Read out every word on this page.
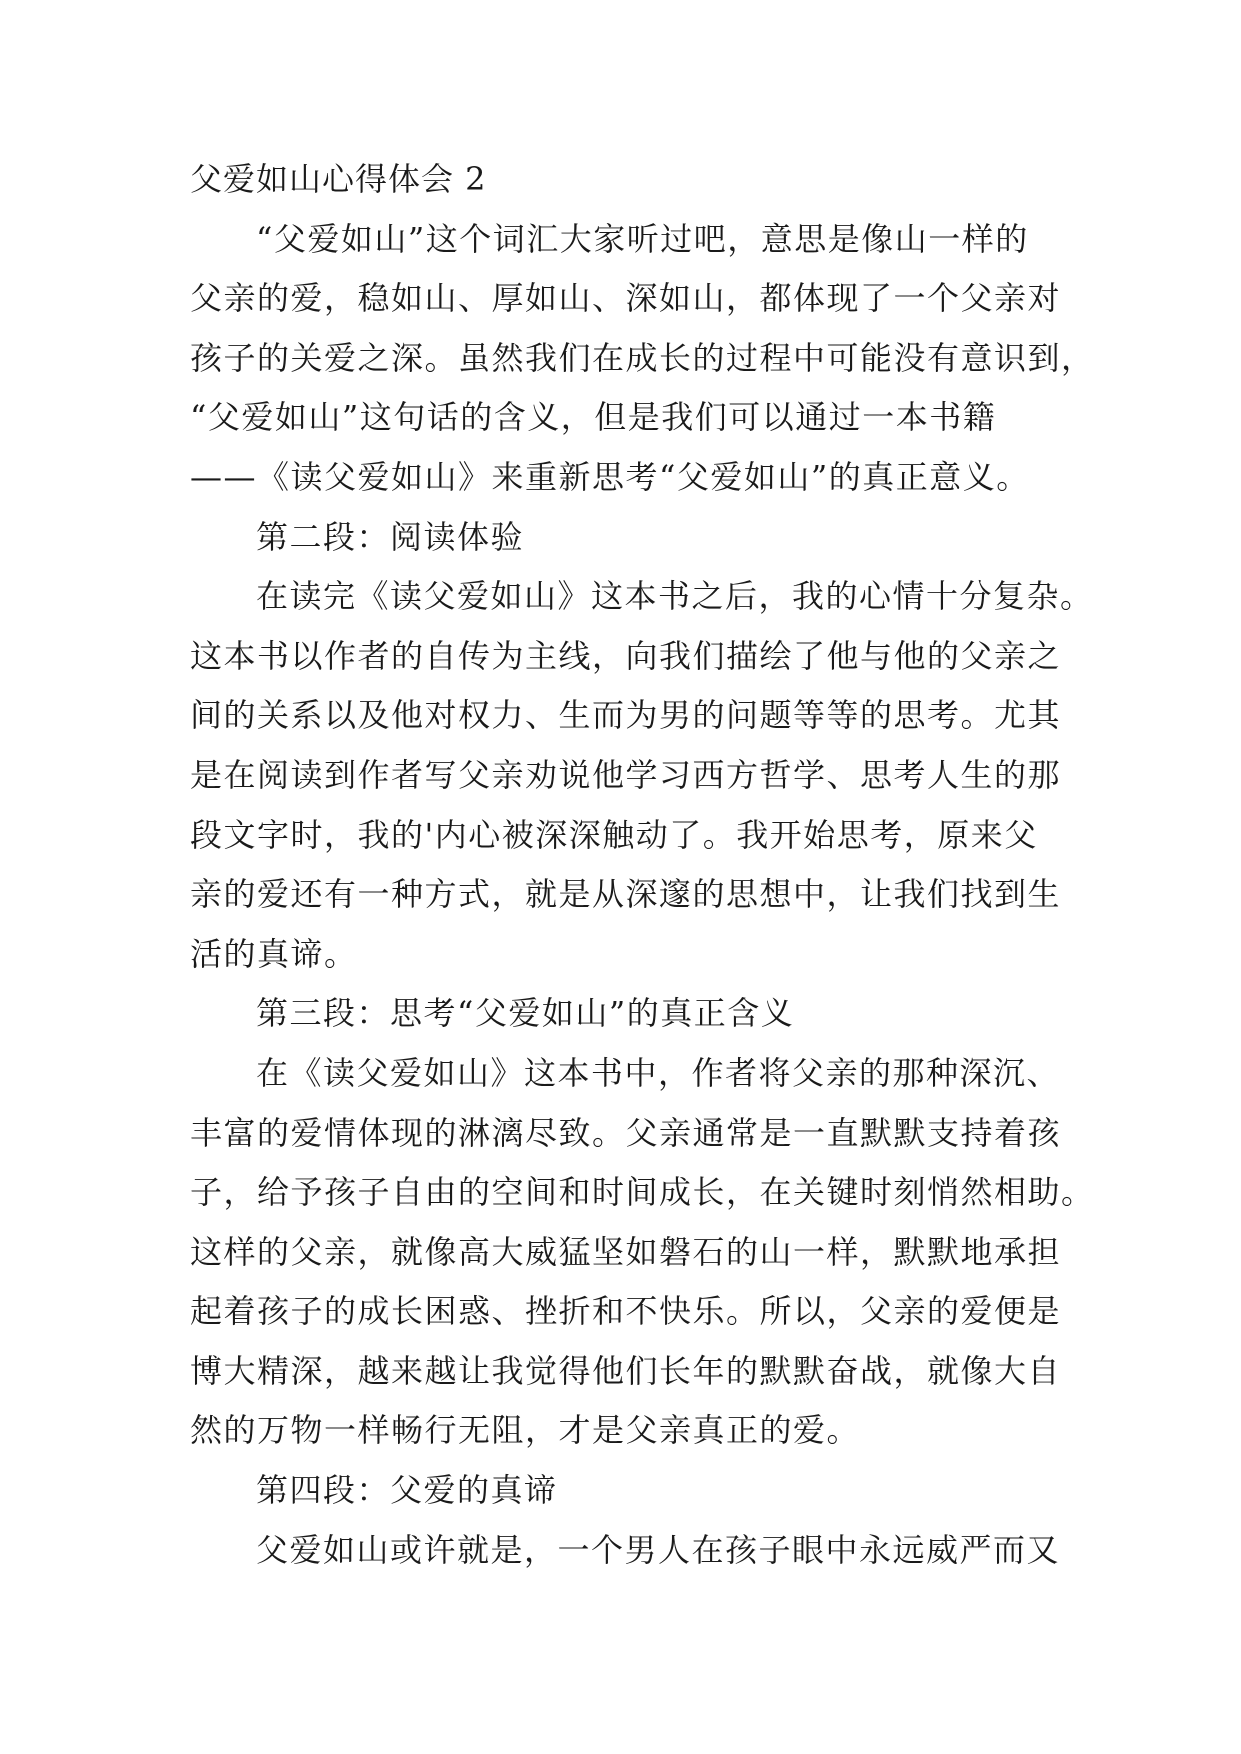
父爱如山心得体会 2
“父爱如山”这个词汇大家听过吧，意思是像山一样的
父亲的爱，稳如山、厚如山、深如山，都体现了一个父亲对
孩子的关爱之深。虽然我们在成长的过程中可能没有意识到，
“父爱如山”这句话的含义，但是我们可以通过一本书籍
——《读父爱如山》来重新思考“父爱如山”的真正意义。
第二段：阅读体验
在读完《读父爱如山》这本书之后，我的心情十分复杂。
这本书以作者的自传为主线，向我们描绘了他与他的父亲之
间的关系以及他对权力、生而为男的问题等等的思考。尤其
是在阅读到作者写父亲劝说他学习西方哲学、思考人生的那
段文字时，我的'内心被深深触动了。我开始思考，原来父
亲的爱还有一种方式，就是从深邃的思想中，让我们找到生
活的真谛。
第三段：思考“父爱如山”的真正含义
在《读父爱如山》这本书中，作者将父亲的那种深沉、
丰富的爱情体现的淋漓尽致。父亲通常是一直默默支持着孩
子，给予孩子自由的空间和时间成长，在关键时刻悄然相助。
这样的父亲，就像高大威猛坚如磐石的山一样，默默地承担
起着孩子的成长困惑、挫折和不快乐。所以，父亲的爱便是
博大精深，越来越让我觉得他们长年的默默奋战，就像大自
然的万物一样畅行无阻，才是父亲真正的爱。
第四段：父爱的真谛
父爱如山或许就是，一个男人在孩子眼中永远威严而又
